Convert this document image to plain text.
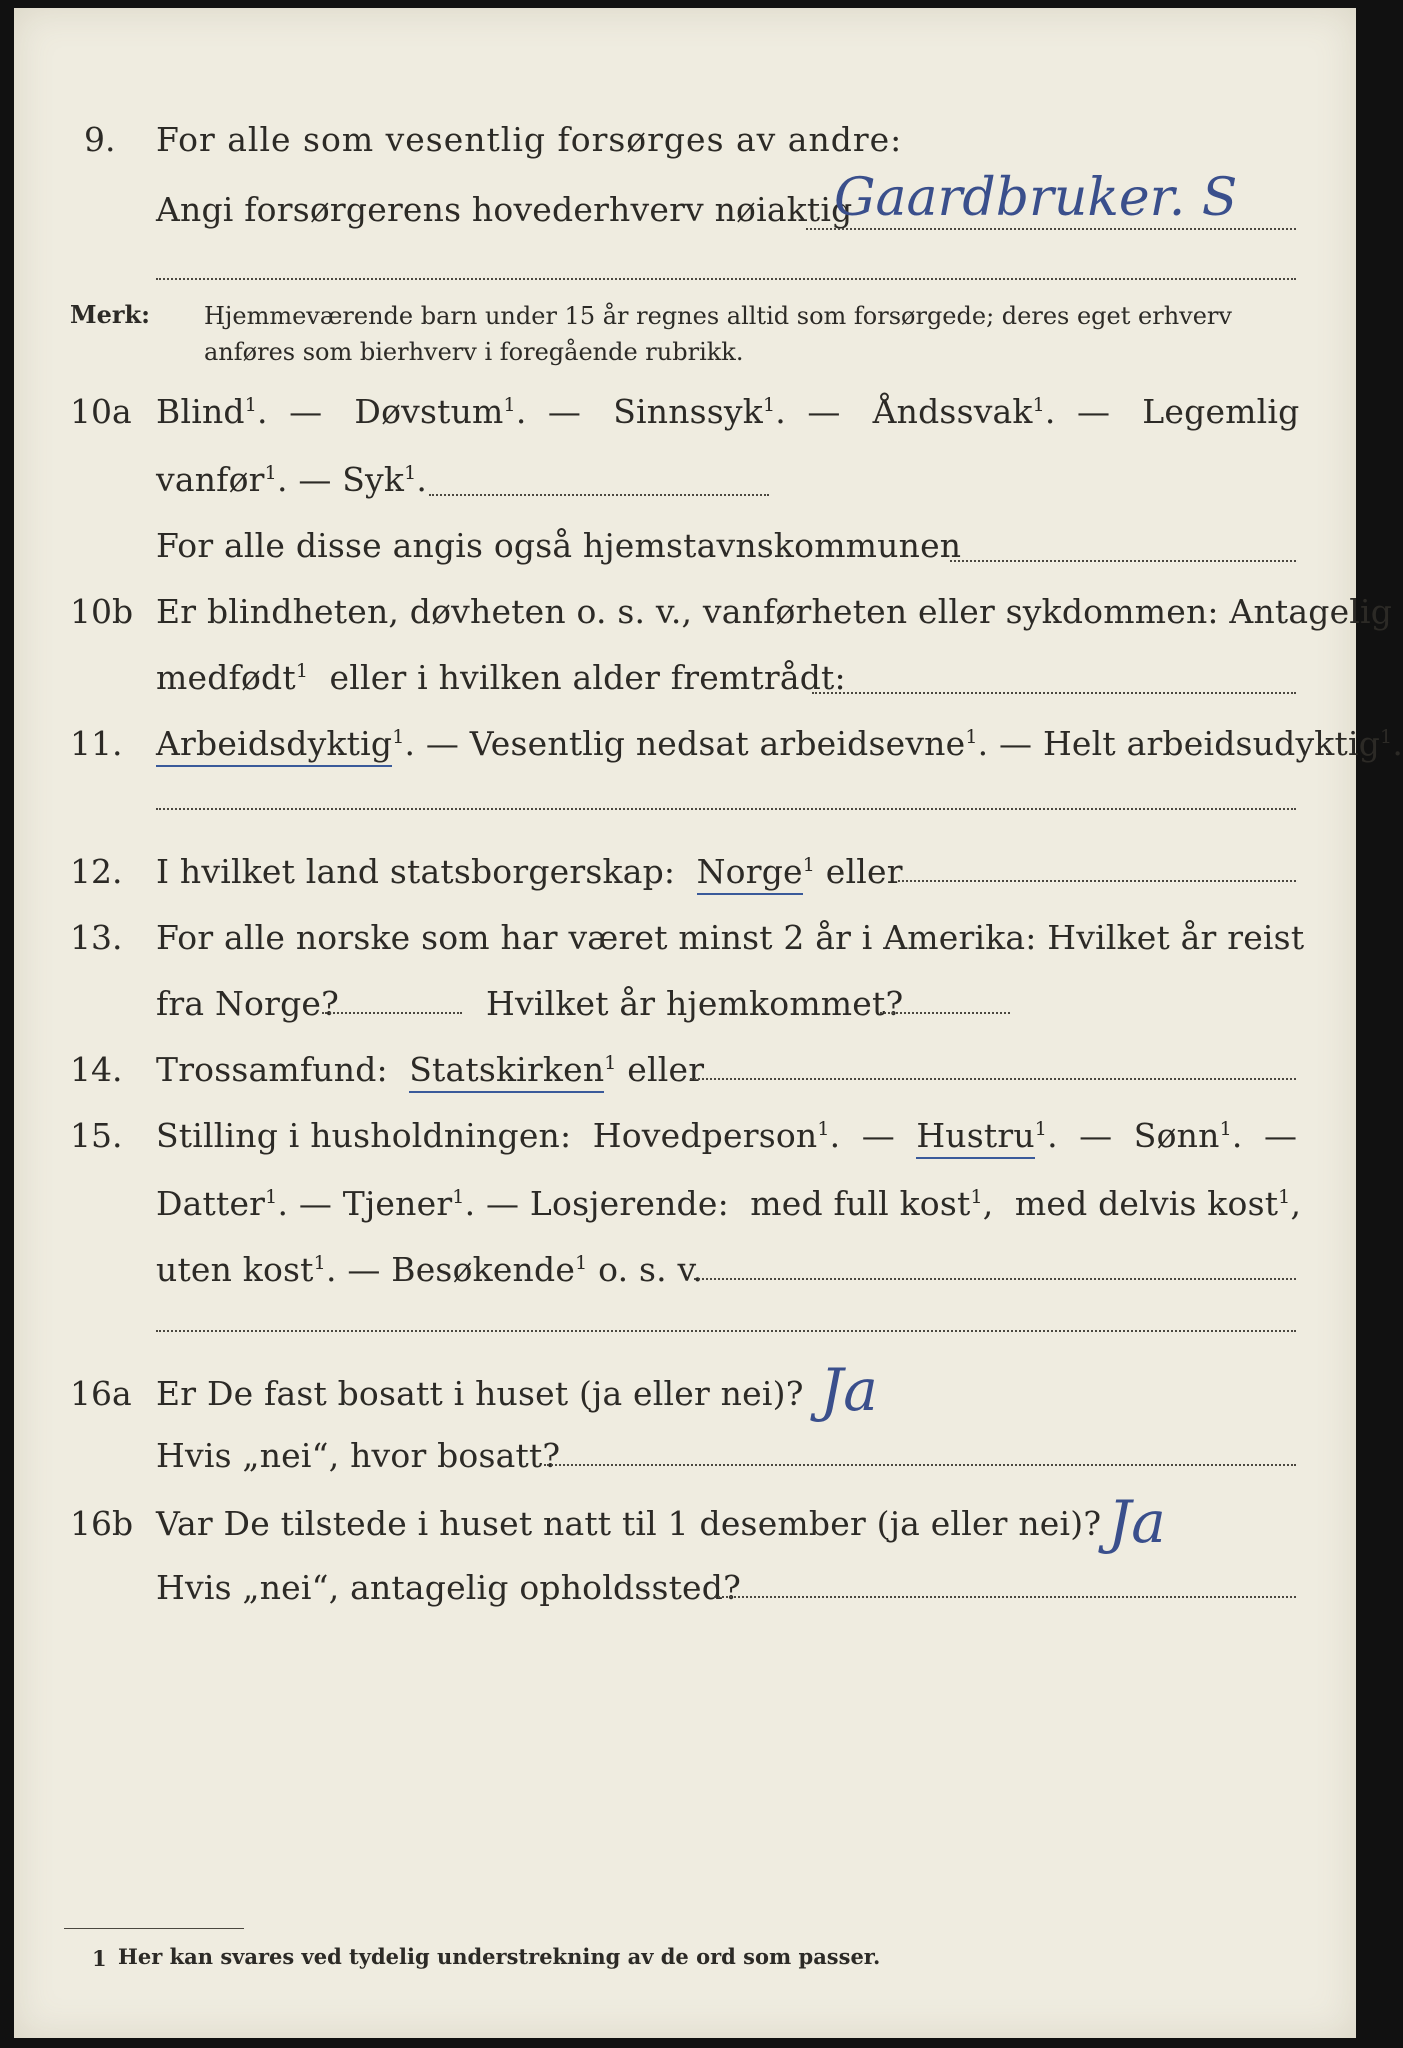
9. For alle som vesentlig forsørges av andre:
Angi forsørgerens hovederhverv nøiaktig
Gaardbruker. S
Merk: Hjemmeværende barn under 15 år regnes alltid som forsørgede; deres eget erhverv
anføres som bierhverv i foregående rubrikk.
10a Blind$^1$.  — Døvstum$^1$.  — Sinnssyk$^1$.  — Åndssvak$^1$.  — Legemlig
vanfør$^1$. — Syk$^1$.
For alle disse angis også hjemstavnskommunen
10b Er blindheten, døvheten o. s. v., vanførheten eller sykdommen: Antagelig
medfødt$^1$ eller i hvilken alder fremtrådt:
11. Arbeidsdyktig$^1$. — Vesentlig nedsat arbeidsevne$^1$. — Helt arbeidsudyktig$^1$.
12. I hvilket land statsborgerskap: Norge$^1$ eller
13. For alle norske som har været minst 2 år i Amerika: Hvilket år reist
fra Norge?	Hvilket år hjemkommet?
14. Trossamfund: Statskirken$^1$ eller
15. Stilling i husholdningen: Hovedperson$^1$.  — Hustru$^1$.  — Sønn$^1$.  —
Datter$^1$. — Tjener$^1$. — Losjerende: med full kost$^1$,  med delvis kost$^1$,
uten kost$^1$. — Besøkende$^1$ o. s. v.
16a Er De fast bosatt i huset (ja eller nei)? Ja
Hvis „nei“, hvor bosatt?
16b Var De tilstede i huset natt til 1 desember (ja eller nei)? Ja
Hvis „nei“, antagelig opholdssted?
1 Her kan svares ved tydelig understrekning av de ord som passer.
